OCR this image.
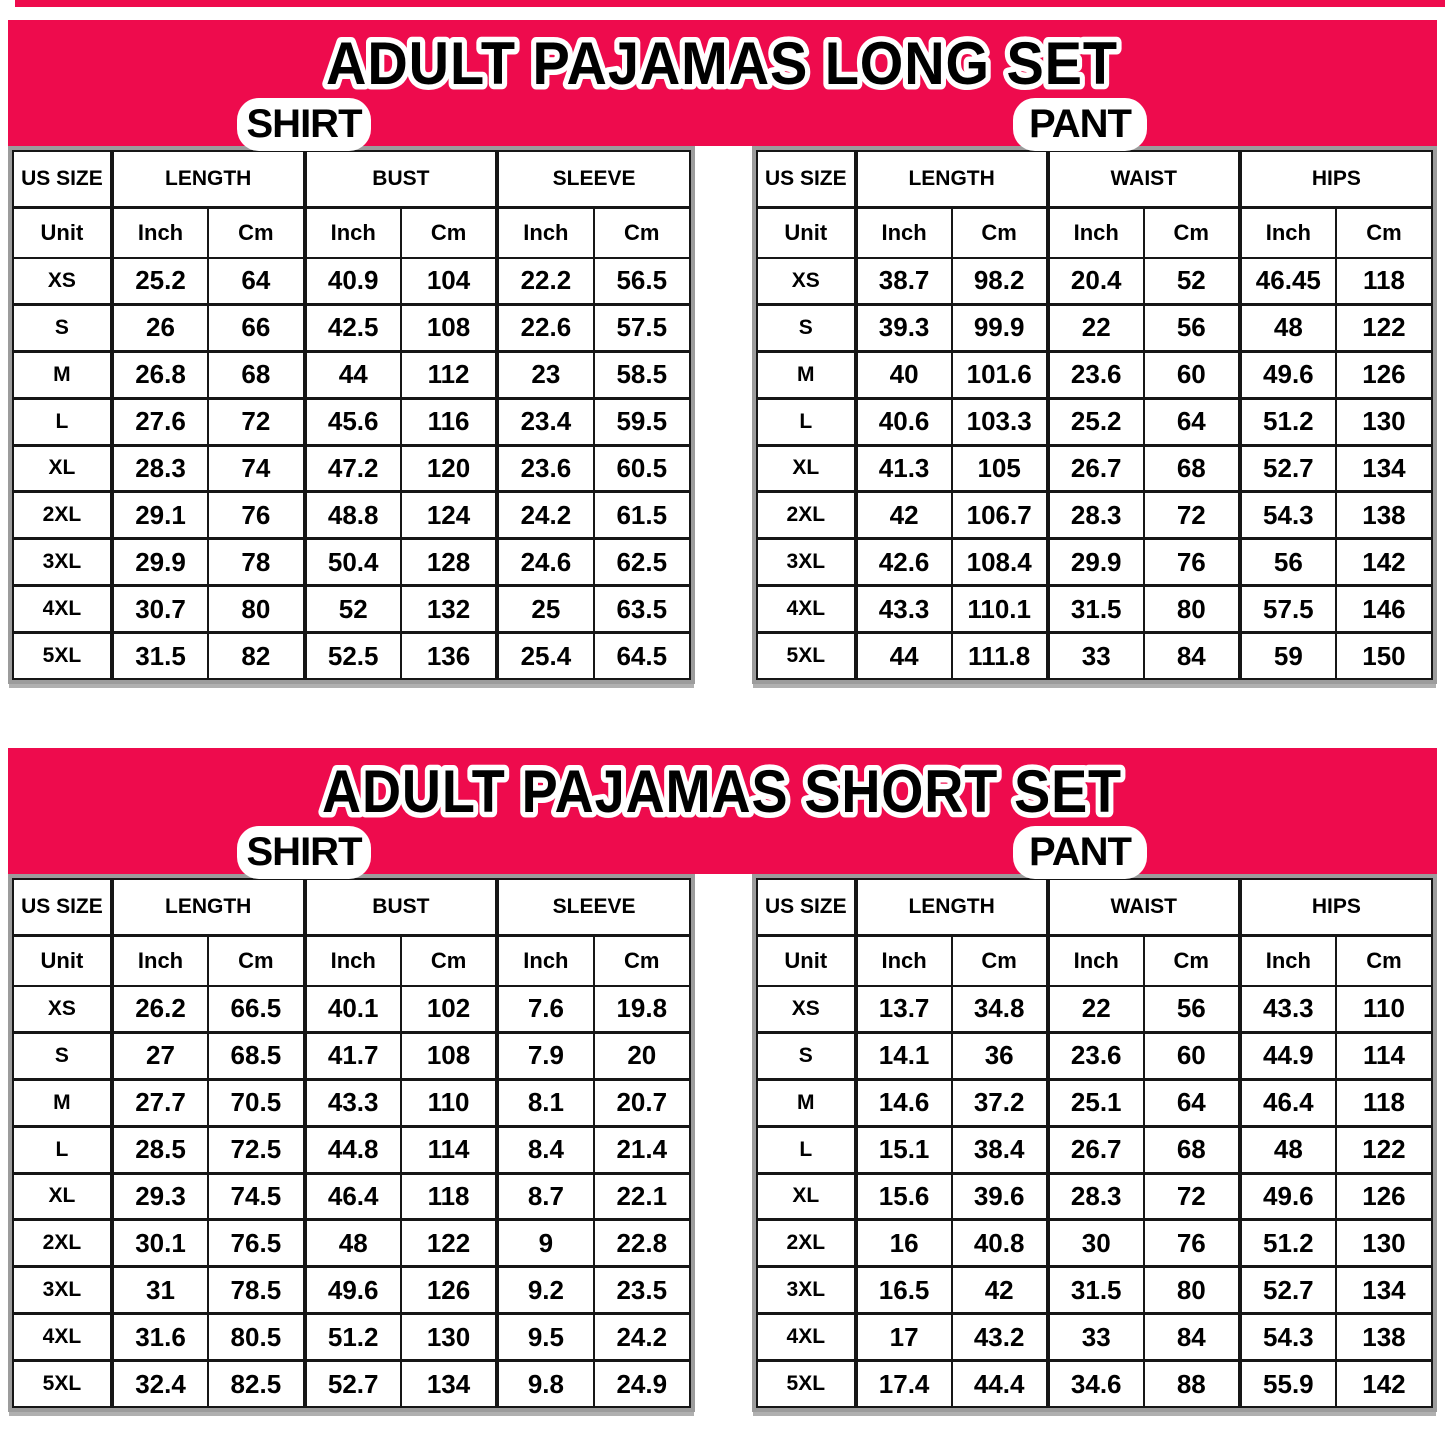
ADULT PAJAMAS LONG SET
SHIRT	PANT
US SIZE	LENGTH		BUST		SLEEVE	
Unit	Inch	Cm	Inch	Cm	Inch	Cm
XS	25.2	64	40.9	104	22.2	56.5
S	26	66	42.5	108	22.6	57.5
M	26.8	68	44	112	23	58.5
L	27.6	72	45.6	116	23.4	59.5
XL	28.3	74	47.2	120	23.6	60.5
2XL	29.1	76	48.8	124	24.2	61.5
3XL	29.9	78	50.4	128	24.6	62.5
4XL	30.7	80	52	132	25	63.5
5XL	31.5	82	52.5	136	25.4	64.5
US SIZE	LENGTH		WAIST		HIPS	
Unit	Inch	Cm	Inch	Cm	Inch	Cm
XS	38.7	98.2	20.4	52	46.45	118
S	39.3	99.9	22	56	48	122
M	40	101.6	23.6	60	49.6	126
L	40.6	103.3	25.2	64	51.2	130
XL	41.3	105	26.7	68	52.7	134
2XL	42	106.7	28.3	72	54.3	138
3XL	42.6	108.4	29.9	76	56	142
4XL	43.3	110.1	31.5	80	57.5	146
5XL	44	111.8	33	84	59	150
ADULT PAJAMAS SHORT SET
SHIRT	PANT
US SIZE	LENGTH		BUST		SLEEVE	
Unit	Inch	Cm	Inch	Cm	Inch	Cm
XS	26.2	66.5	40.1	102	7.6	19.8
S	27	68.5	41.7	108	7.9	20
M	27.7	70.5	43.3	110	8.1	20.7
L	28.5	72.5	44.8	114	8.4	21.4
XL	29.3	74.5	46.4	118	8.7	22.1
2XL	30.1	76.5	48	122	9	22.8
3XL	31	78.5	49.6	126	9.2	23.5
4XL	31.6	80.5	51.2	130	9.5	24.2
5XL	32.4	82.5	52.7	134	9.8	24.9
US SIZE	LENGTH		WAIST		HIPS	
Unit	Inch	Cm	Inch	Cm	Inch	Cm
XS	13.7	34.8	22	56	43.3	110
S	14.1	36	23.6	60	44.9	114
M	14.6	37.2	25.1	64	46.4	118
L	15.1	38.4	26.7	68	48	122
XL	15.6	39.6	28.3	72	49.6	126
2XL	16	40.8	30	76	51.2	130
3XL	16.5	42	31.5	80	52.7	134
4XL	17	43.2	33	84	54.3	138
5XL	17.4	44.4	34.6	88	55.9	142
